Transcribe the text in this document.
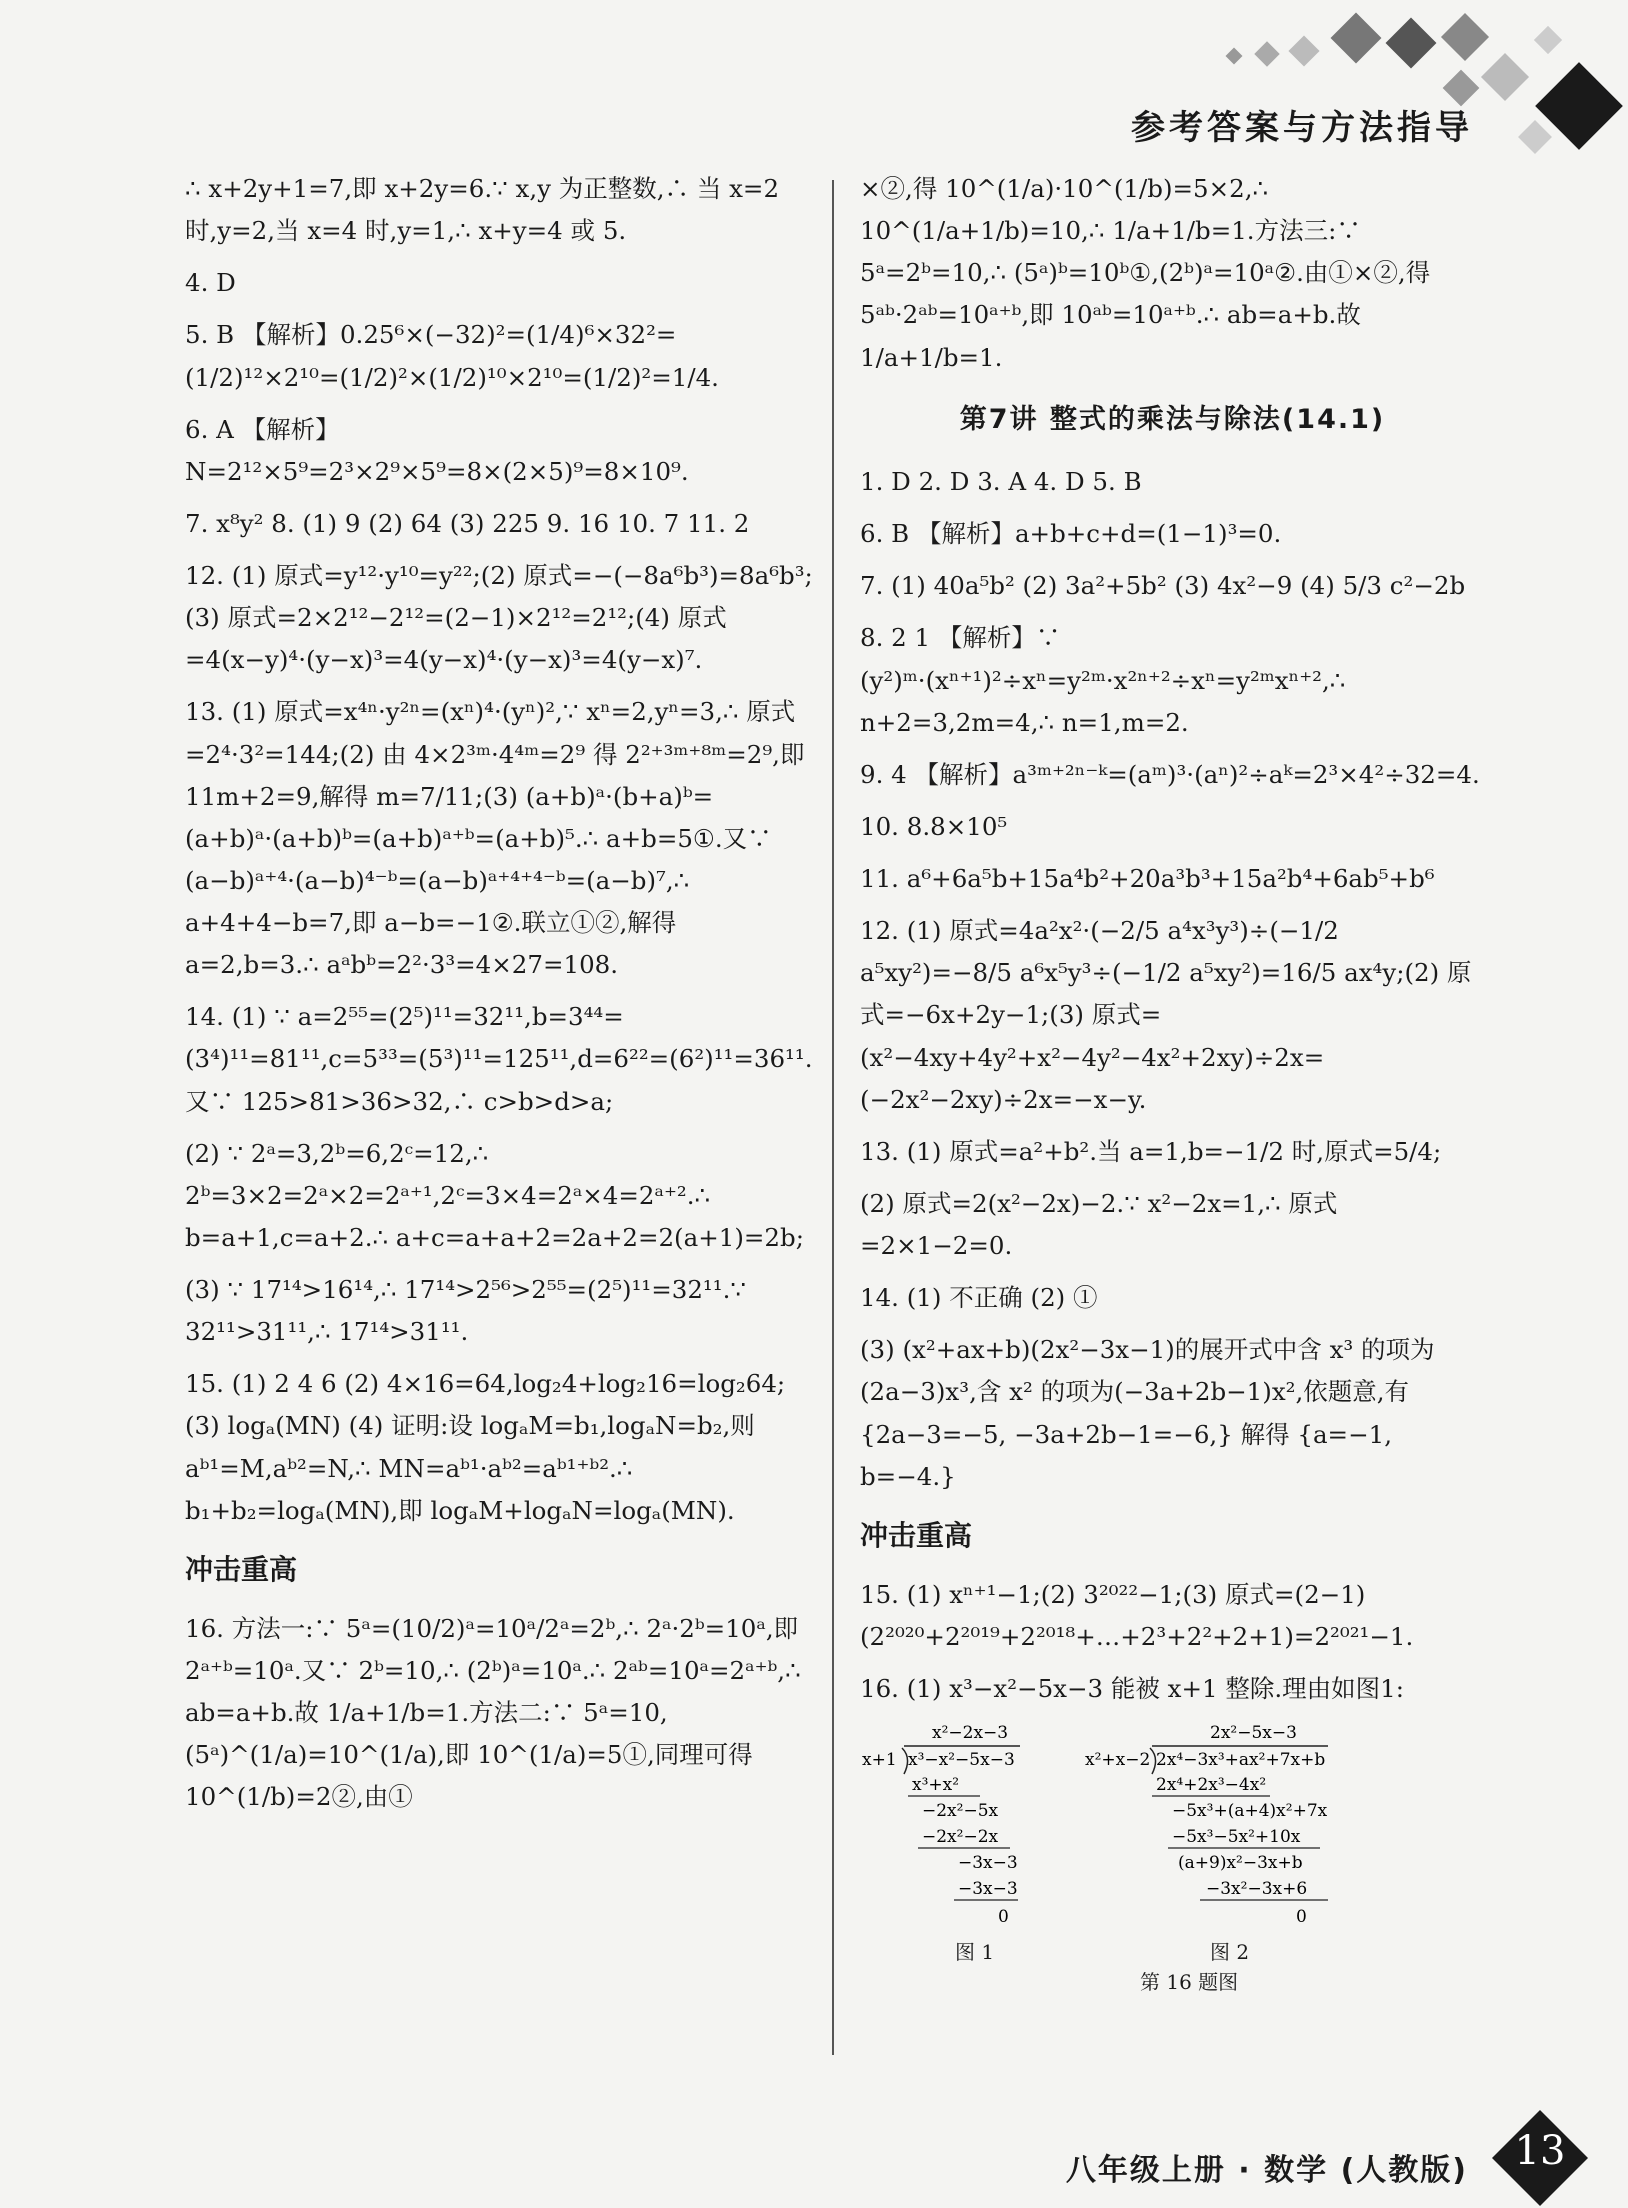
参考答案与方法指导

∴ x+2y+1=7,即 x+2y=6.∵ x,y 为正整数,∴ 当 x=2 时,y=2,当 x=4 时,y=1,∴ x+y=4 或 5.

4. D

5. B 【解析】0.25⁶×(−32)²=(1/4)⁶×32²=(1/2)¹²×2¹⁰=(1/2)²×(1/2)¹⁰×2¹⁰=(1/2)²=1/4.

6. A 【解析】N=2¹²×5⁹=2³×2⁹×5⁹=8×(2×5)⁹=8×10⁹.

7. x⁸y² 8. (1) 9 (2) 64 (3) 225 9. 16 10. 7 11. 2

12. (1) 原式=y¹²·y¹⁰=y²²;(2) 原式=−(−8a⁶b³)=8a⁶b³;(3) 原式=2×2¹²−2¹²=(2−1)×2¹²=2¹²;(4) 原式=4(x−y)⁴·(y−x)³=4(y−x)⁴·(y−x)³=4(y−x)⁷.

13. (1) 原式=x⁴ⁿ·y²ⁿ=(xⁿ)⁴·(yⁿ)²,∵ xⁿ=2,yⁿ=3,∴ 原式=2⁴·3²=144;(2) 由 4×2³ᵐ·4⁴ᵐ=2⁹ 得 2²⁺³ᵐ⁺⁸ᵐ=2⁹,即 11m+2=9,解得 m=7/11;(3) (a+b)ᵃ·(b+a)ᵇ=(a+b)ᵃ·(a+b)ᵇ=(a+b)ᵃ⁺ᵇ=(a+b)⁵.∴ a+b=5①.又∵ (a−b)ᵃ⁺⁴·(a−b)⁴⁻ᵇ=(a−b)ᵃ⁺⁴⁺⁴⁻ᵇ=(a−b)⁷,∴ a+4+4−b=7,即 a−b=−1②.联立①②,解得 a=2,b=3.∴ aᵃbᵇ=2²·3³=4×27=108.

14. (1) ∵ a=2⁵⁵=(2⁵)¹¹=32¹¹,b=3⁴⁴=(3⁴)¹¹=81¹¹,c=5³³=(5³)¹¹=125¹¹,d=6²²=(6²)¹¹=36¹¹.又∵ 125>81>36>32,∴ c>b>d>a;

(2) ∵ 2ᵃ=3,2ᵇ=6,2ᶜ=12,∴ 2ᵇ=3×2=2ᵃ×2=2ᵃ⁺¹,2ᶜ=3×4=2ᵃ×4=2ᵃ⁺².∴ b=a+1,c=a+2.∴ a+c=a+a+2=2a+2=2(a+1)=2b;

(3) ∵ 17¹⁴>16¹⁴,∴ 17¹⁴>2⁵⁶>2⁵⁵=(2⁵)¹¹=32¹¹.∵ 32¹¹>31¹¹,∴ 17¹⁴>31¹¹.

15. (1) 2 4 6 (2) 4×16=64,log₂4+log₂16=log₂64;(3) logₐ(MN) (4) 证明:设 logₐM=b₁,logₐN=b₂,则 aᵇ¹=M,aᵇ²=N,∴ MN=aᵇ¹·aᵇ²=aᵇ¹⁺ᵇ².∴ b₁+b₂=logₐ(MN),即 logₐM+logₐN=logₐ(MN).

冲击重高

16. 方法一:∵ 5ᵃ=(10/2)ᵃ=10ᵃ/2ᵃ=2ᵇ,∴ 2ᵃ·2ᵇ=10ᵃ,即 2ᵃ⁺ᵇ=10ᵃ.又∵ 2ᵇ=10,∴ (2ᵇ)ᵃ=10ᵃ.∴ 2ᵃᵇ=10ᵃ=2ᵃ⁺ᵇ,∴ ab=a+b.故 1/a+1/b=1.方法二:∵ 5ᵃ=10,(5ᵃ)^(1/a)=10^(1/a),即 10^(1/a)=5①,同理可得 10^(1/b)=2②,由①

×②,得 10^(1/a)·10^(1/b)=5×2,∴ 10^(1/a+1/b)=10,∴ 1/a+1/b=1.方法三:∵ 5ᵃ=2ᵇ=10,∴ (5ᵃ)ᵇ=10ᵇ①,(2ᵇ)ᵃ=10ᵃ②.由①×②,得 5ᵃᵇ·2ᵃᵇ=10ᵃ⁺ᵇ,即 10ᵃᵇ=10ᵃ⁺ᵇ.∴ ab=a+b.故 1/a+1/b=1.

第7讲 整式的乘法与除法(14.1)

1. D 2. D 3. A 4. D 5. B

6. B 【解析】a+b+c+d=(1−1)³=0.

7. (1) 40a⁵b² (2) 3a²+5b² (3) 4x²−9 (4) 5/3 c²−2b

8. 2 1 【解析】∵ (y²)ᵐ·(xⁿ⁺¹)²÷xⁿ=y²ᵐ·x²ⁿ⁺²÷xⁿ=y²ᵐxⁿ⁺²,∴ n+2=3,2m=4,∴ n=1,m=2.

9. 4 【解析】a³ᵐ⁺²ⁿ⁻ᵏ=(aᵐ)³·(aⁿ)²÷aᵏ=2³×4²÷32=4.

10. 8.8×10⁵

11. a⁶+6a⁵b+15a⁴b²+20a³b³+15a²b⁴+6ab⁵+b⁶

12. (1) 原式=4a²x²·(−2/5 a⁴x³y³)÷(−1/2 a⁵xy²)=−8/5 a⁶x⁵y³÷(−1/2 a⁵xy²)=16/5 ax⁴y;(2) 原式=−6x+2y−1;(3) 原式=(x²−4xy+4y²+x²−4y²−4x²+2xy)÷2x=(−2x²−2xy)÷2x=−x−y.

13. (1) 原式=a²+b².当 a=1,b=−1/2 时,原式=5/4;

(2) 原式=2(x²−2x)−2.∵ x²−2x=1,∴ 原式=2×1−2=0.

14. (1) 不正确 (2) ①

(3) (x²+ax+b)(2x²−3x−1)的展开式中含 x³ 的项为(2a−3)x³,含 x² 的项为(−3a+2b−1)x²,依题意,有 {2a−3=−5, −3a+2b−1=−6,} 解得 {a=−1, b=−4.}

冲击重高

15. (1) xⁿ⁺¹−1;(2) 3²⁰²²−1;(3) 原式=(2−1)(2²⁰²⁰+2²⁰¹⁹+2²⁰¹⁸+…+2³+2²+2+1)=2²⁰²¹−1.

16. (1) x³−x²−5x−3 能被 x+1 整除.理由如图1:

x²−2x−3
x+1 x³−x²−5x−3
x³+x²
−2x²−5x
−2x²−2x
−3x−3
−3x−3
0
2x²−5x−3
x²+x−2 2x⁴−3x³+ax²+7x+b
2x⁴+2x³−4x²
−5x³+(a+4)x²+7x
−5x³−5x²+10x
(a+9)x²−3x+b
−3x²−3x+6
0
图 1	图 2
第 16 题图
八年级上册 · 数学 (人教版)	13
